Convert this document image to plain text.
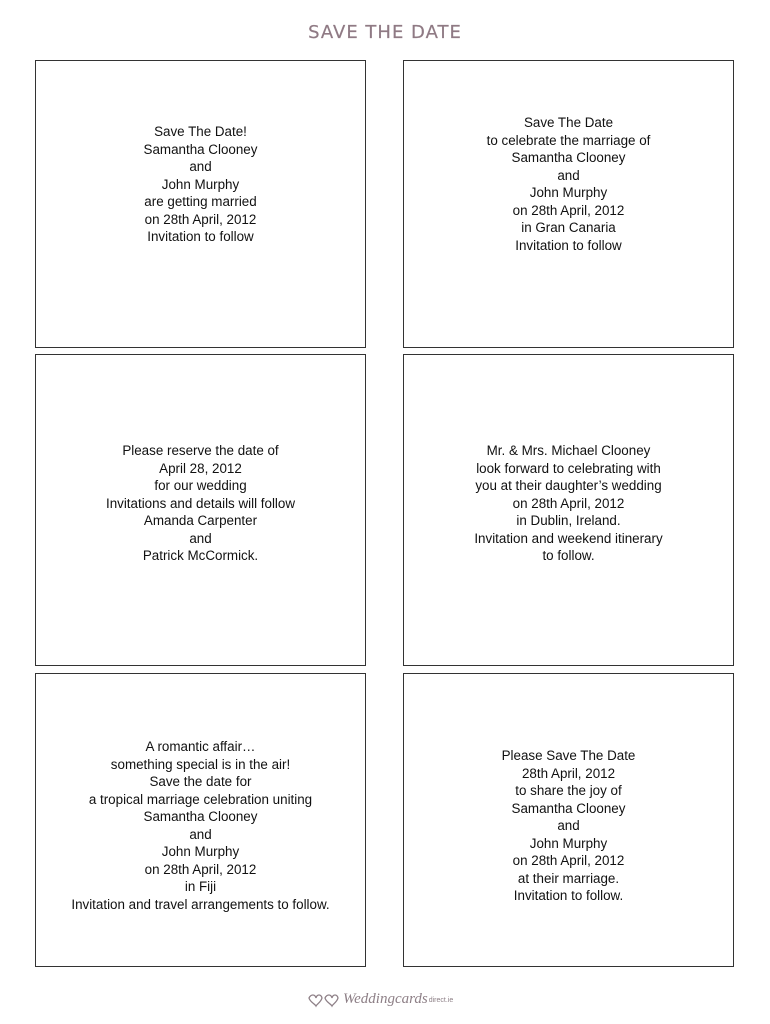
SAVE THE DATE
Save The Date!
Samantha Clooney
and
John Murphy
are getting married
on 28th April, 2012
Invitation to follow
Save The Date
to celebrate the marriage of
Samantha Clooney
and
John Murphy
on 28th April, 2012
in Gran Canaria
Invitation to follow
Please reserve the date of
April 28, 2012
for our wedding
Invitations and details will follow
Amanda Carpenter
and
Patrick McCormick.
Mr. & Mrs. Michael Clooney
look forward to celebrating with
you at their daughter’s wedding
on 28th April, 2012
in Dublin, Ireland.
Invitation and weekend itinerary
to follow.
A romantic affair…
something special is in the air!
Save the date for
a tropical marriage celebration uniting
Samantha Clooney
and
John Murphy
on 28th April, 2012
in Fiji
Invitation and travel arrangements to follow.
Please Save The Date
28th April, 2012
to share the joy of
Samantha Clooney
and
John Murphy
on 28th April, 2012
at their marriage.
Invitation to follow.
Weddingcards direct.ie
